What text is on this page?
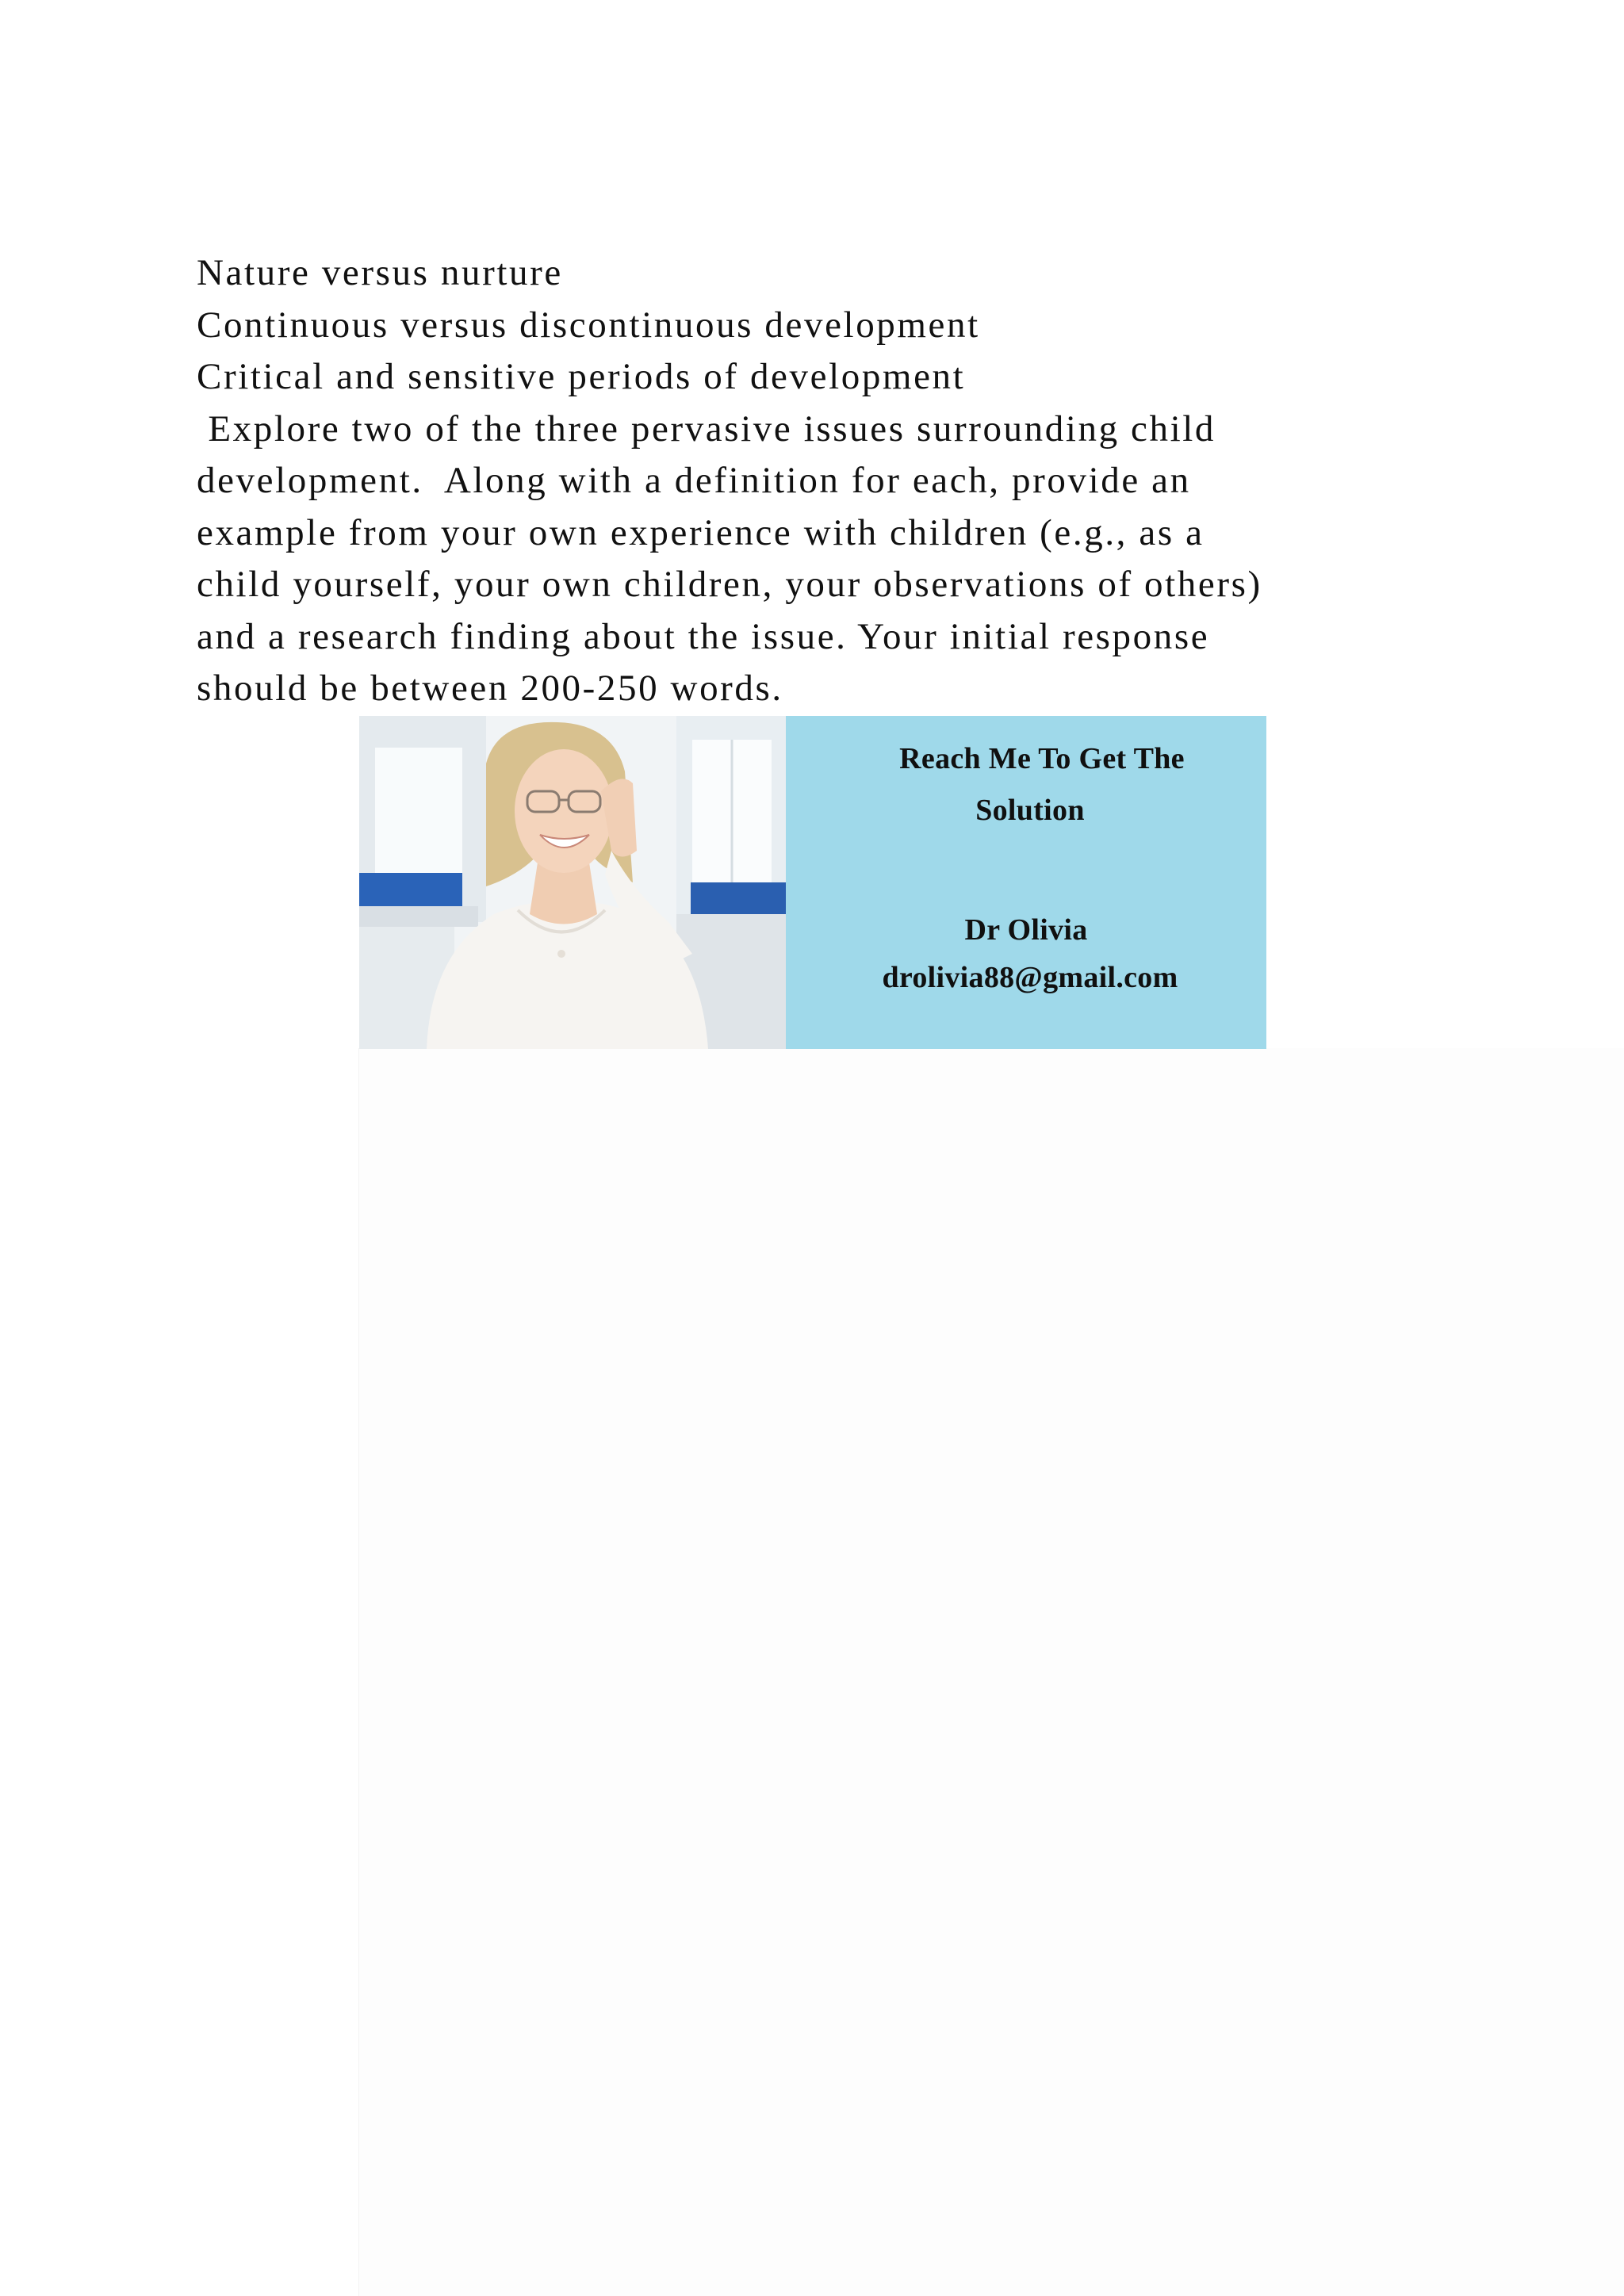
Nature versus nurture
Continuous versus discontinuous development
Critical and sensitive periods of development
Explore two of the three pervasive issues surrounding child
development.  Along with a definition for each, provide an
example from your own experience with children (e.g., as a
child yourself, your own children, your observations of others)
and a research finding about the issue. Your initial response
should be between 200-250 words.
Reach Me To Get The
Solution
Dr Olivia
drolivia88@gmail.com
